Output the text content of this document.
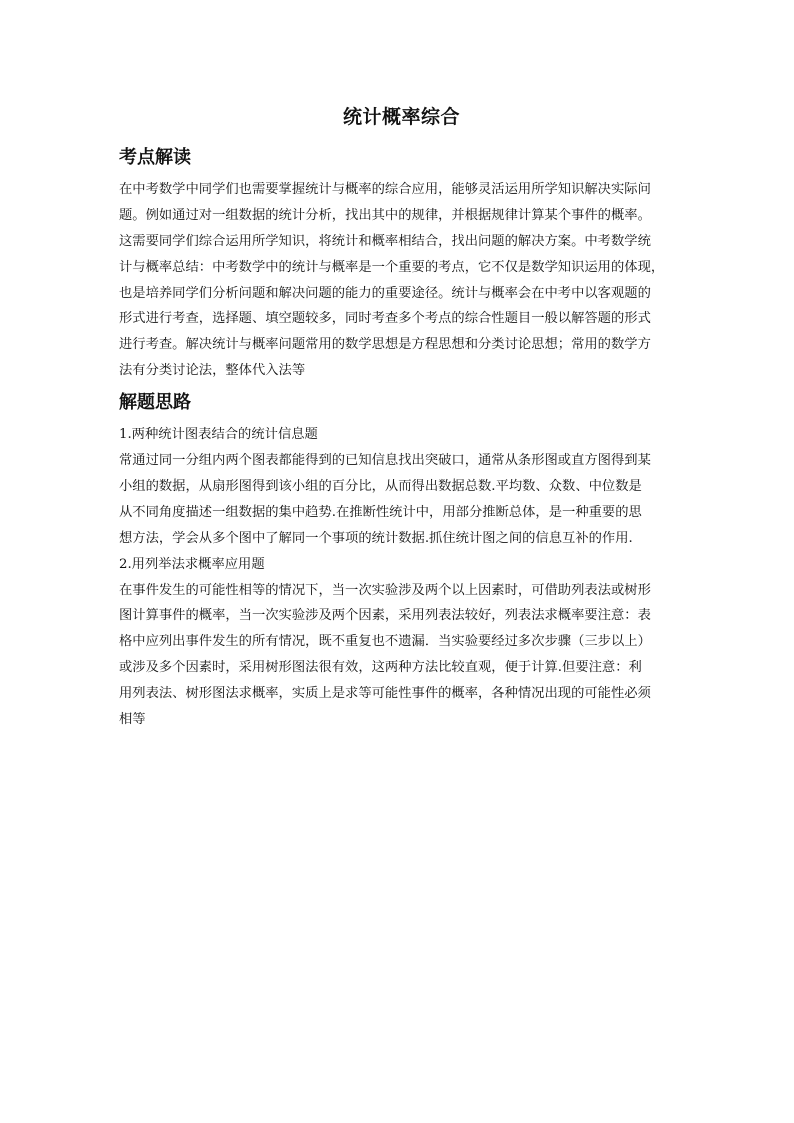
统计概率综合
考点解读
在中考数学中同学们也需要掌握统计与概率的综合应用，能够灵活运用所学知识解决实际问
题。例如通过对一组数据的统计分析，找出其中的规律，并根据规律计算某个事件的概率。
这需要同学们综合运用所学知识，将统计和概率相结合，找出问题的解决方案。中考数学统
计与概率总结：中考数学中的统计与概率是一个重要的考点，它不仅是数学知识运用的体现，
也是培养同学们分析问题和解决问题的能力的重要途径。统计与概率会在中考中以客观题的
形式进行考查，选择题、填空题较多，同时考查多个考点的综合性题目一般以解答题的形式
进行考查。解决统计与概率问题常用的数学思想是方程思想和分类讨论思想；常用的数学方
法有分类讨论法，整体代入法等
解题思路

1.两种统计图表结合的统计信息题

常通过同一分组内两个图表都能得到的已知信息找出突破口，通常从条形图或直方图得到某
小组的数据，从扇形图得到该小组的百分比，从而得出数据总数.平均数、众数、中位数是
从不同角度描述一组数据的集中趋势.在推断性统计中，用部分推断总体，是一种重要的思
想方法，学会从多个图中了解同一个事项的统计数据.抓住统计图之间的信息互补的作用.

2.用列举法求概率应用题

在事件发生的可能性相等的情况下，当一次实验涉及两个以上因素时，可借助列表法或树形
图计算事件的概率，当一次实验涉及两个因素，采用列表法较好，列表法求概率要注意：表
格中应列出事件发生的所有情况，既不重复也不遗漏．当实验要经过多次步骤（三步以上）
或涉及多个因素时，采用树形图法很有效，这两种方法比较直观，便于计算.但要注意：利
用列表法、树形图法求概率，实质上是求等可能性事件的概率，各种情况出现的可能性必须
相等
